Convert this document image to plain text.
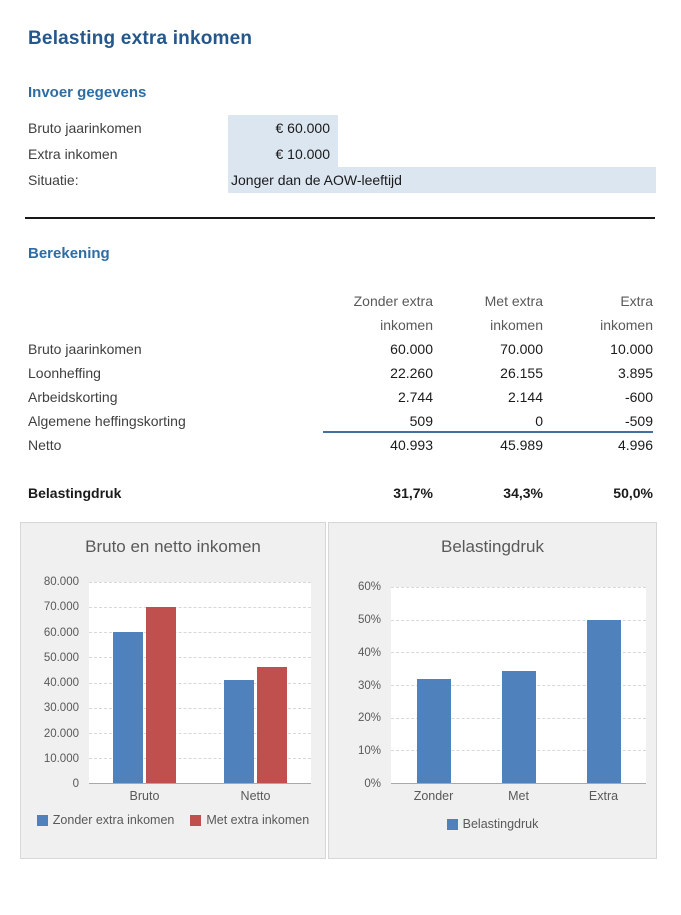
Belasting extra inkomen
Invoer gegevens
Bruto jaarinkomen	€ 60.000
Extra inkomen	€ 10.000
Situatie:	Jonger dan de AOW-leeftijd
Berekening
Zonder extra
inkomen
Met extra
inkomen
Extra
inkomen
Bruto jaarinkomen	60.000	70.000	10.000
Loonheffing	22.260	26.155	3.895
Arbeidskorting	2.744	2.144	-600
Algemene heffingskorting	509	0	-509
Netto	40.993	45.989	4.996
Belastingdruk	31,7%	34,3%	50,0%
Bruto en netto inkomen
80.000
70.000
60.000
50.000
40.000
30.000
20.000
10.000
0
Bruto	Netto
Zonder extra inkomen	Met extra inkomen
Belastingdruk
60%
50%
40%
30%
20%
10%
0%
Zonder	Met	Extra
Belastingdruk
